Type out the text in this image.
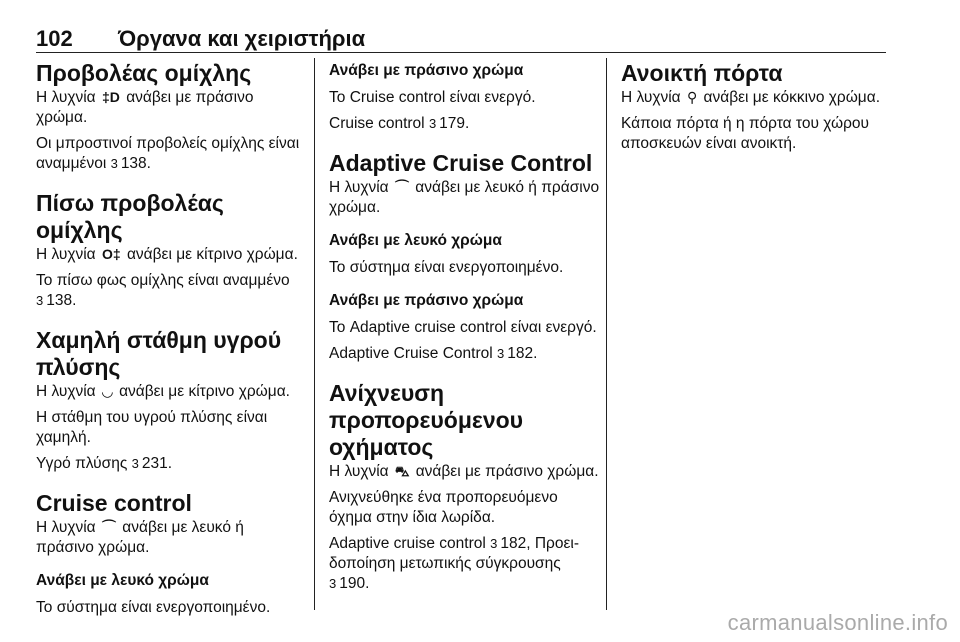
102 Όργανα και χειριστήρια
Προβολέας ομίχλης

Η λυχνία ‡D ανάβει με πράσινο χρώμα.

Οι μπροστινοί προβολείς ομίχλης είναι αναμμένοι 3 138.

Πίσω προβολέας ομίχλης

Η λυχνία O‡ ανάβει με κίτρινο χρώμα.

Το πίσω φως ομίχλης είναι αναμμένο 3 138.

Χαμηλή στάθμη υγρού πλύσης

Η λυχνία ◡ ανάβει με κίτρινο χρώμα.

Η στάθμη του υγρού πλύσης είναι χαμηλή.

Υγρό πλύσης 3 231.

Cruise control

Η λυχνία ⌒ ανάβει με λευκό ή πράσινο χρώμα.

Ανάβει με λευκό χρώμα

Το σύστημα είναι ενεργοποιημένο.

Ανάβει με πράσινο χρώμα

Το Cruise control είναι ενεργό.

Cruise control 3 179.

Adaptive Cruise Control

Η λυχνία ⌒ ανάβει με λευκό ή πράσινο χρώμα.

Ανάβει με λευκό χρώμα

Το σύστημα είναι ενεργοποιημένο.

Ανάβει με πράσινο χρώμα

Το Adaptive cruise control είναι ενεργό.

Adaptive Cruise Control 3 182.

Ανίχνευση προπορευόμενου οχήματος

Η λυχνία ⛍ ανάβει με πράσινο χρώμα.

Ανιχνεύθηκε ένα προπορευόμενο όχημα στην ίδια λωρίδα.

Adaptive cruise control 3 182, Προει-δοποίηση μετωπικής σύγκρουσης 3 190.

Ανοικτή πόρτα

Η λυχνία ⚲ ανάβει με κόκκινο χρώμα.

Κάποια πόρτα ή η πόρτα του χώρου αποσκευών είναι ανοικτή.

carmanualsonline.info
